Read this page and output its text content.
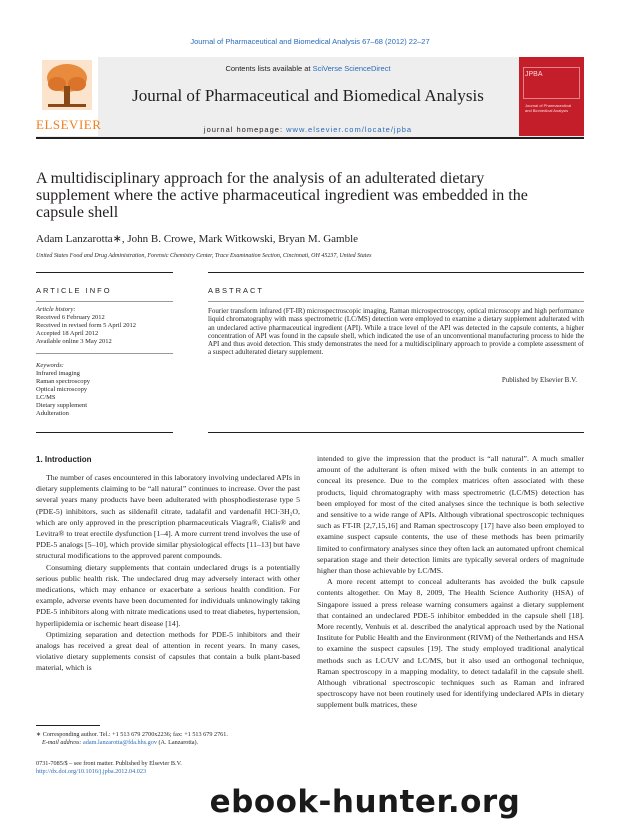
Journal of Pharmaceutical and Biomedical Analysis 67–68 (2012) 22–27
ELSEVIER
Contents lists available at SciVerse ScienceDirect
Journal of Pharmaceutical and Biomedical Analysis
journal homepage: www.elsevier.com/locate/jpba
JPBA
Journal of Pharmaceutical and Biomedical Analysis
A multidisciplinary approach for the analysis of an adulterated dietary supplement where the active pharmaceutical ingredient was embedded in the capsule shell
Adam Lanzarotta∗, John B. Crowe, Mark Witkowski, Bryan M. Gamble
United States Food and Drug Administration, Forensic Chemistry Center, Trace Examination Section, Cincinnati, OH 45237, United States
ARTICLE INFO
Article history:
Received 6 February 2012
Received in revised form 5 April 2012
Accepted 18 April 2012
Available online 3 May 2012
Keywords:
Infrared imaging
Raman spectroscopy
Optical microscopy
LC/MS
Dietary supplement
Adulteration
ABSTRACT
Fourier transform infrared (FT-IR) microspectroscopic imaging, Raman microspectroscopy, optical microscopy and high performance liquid chromatography with mass spectrometric (LC/MS) detection were employed to examine a dietary supplement adulterated with an undeclared active pharmaceutical ingredient (API). While a trace level of the API was detected in the capsule contents, a higher concentration of API was found in the capsule shell, which indicated the use of an unconventional manufacturing process to hide the API and thus avoid detection. This study demonstrates the need for a multidisciplinary approach to provide a complete assessment of a suspect adulterated dietary supplement.
Published by Elsevier B.V.
1. Introduction

The number of cases encountered in this laboratory involving undeclared APIs in dietary supplements claiming to be “all natural” continues to increase. Over the past several years many products have been adulterated with phosphodiesterase type 5 (PDE-5) inhibitors, such as sildenafil citrate, tadalafil and vardenafil HCl·3H₂O, which are only approved in the prescription pharmaceuticals Viagra®, Cialis® and Levitra® to treat erectile dysfunction [1–4]. A more current trend involves the use of PDE-5 analogs [5–10], which provide similar physiological effects [11–13] but have structural modifications to the approved parent compounds.

Consuming dietary supplements that contain undeclared drugs is a potentially serious public health risk. The undeclared drug may adversely interact with other medications, which may enhance or exacerbate a serious health condition. For example, adverse events have been documented for individuals unknowingly taking PDE-5 inhibitors along with nitrate medications used to treat diabetes, hypertension, hyperlipidemia or ischemic heart disease [14].

Optimizing separation and detection methods for PDE-5 inhibitors and their analogs has received a great deal of attention in recent years. In many cases, violative dietary supplements consist of capsules that contain a bulk plant-based material, which is

intended to give the impression that the product is “all natural”. A much smaller amount of the adulterant is often mixed with the bulk contents in an attempt to conceal its presence. Due to the complex matrices often associated with these products, liquid chromatography with mass spectrometric (LC/MS) detection has been employed for most of the cited analyses since the technique is both selective and sensitive to a wide range of APIs. Although vibrational spectroscopic techniques such as FT-IR [2,7,15,16] and Raman spectroscopy [17] have also been employed to examine suspect capsule contents, the use of these methods has been primarily limited to confirmatory analyses since they often lack an automated upfront chemical separation stage and their detection limits are typically several orders of magnitude higher than those achievable by LC/MS.

A more recent attempt to conceal adulterants has avoided the bulk capsule contents altogether. On May 8, 2009, The Health Science Authority (HSA) of Singapore issued a press release warning consumers against a dietary supplement that contained an undeclared PDE-5 inhibitor embedded in the capsule shell [18]. More recently, Venhuis et al. described the analytical approach used by the National Institute for Public Health and the Environment (RIVM) of the Netherlands and HSA to examine the suspect capsules [19]. The study employed traditional analytical methods such as LC/UV and LC/MS, but it also used an orthogonal technique, Raman spectroscopy in a mapping modality, to detect tadalafil in the capsule shell. Although vibrational spectroscopic techniques such as Raman and infrared spectroscopy have not been routinely used for identifying undeclared APIs in dietary supplement bulk matrices, these

∗ Corresponding author. Tel.: +1 513 679 2700x2236; fax: +1 513 679 2761.
E-mail address: adam.lanzarotta@fda.hhs.gov (A. Lanzarotta).
0731-7085/$ – see front matter. Published by Elsevier B.V.
http://dx.doi.org/10.1016/j.jpba.2012.04.023
ebook-hunter.org
